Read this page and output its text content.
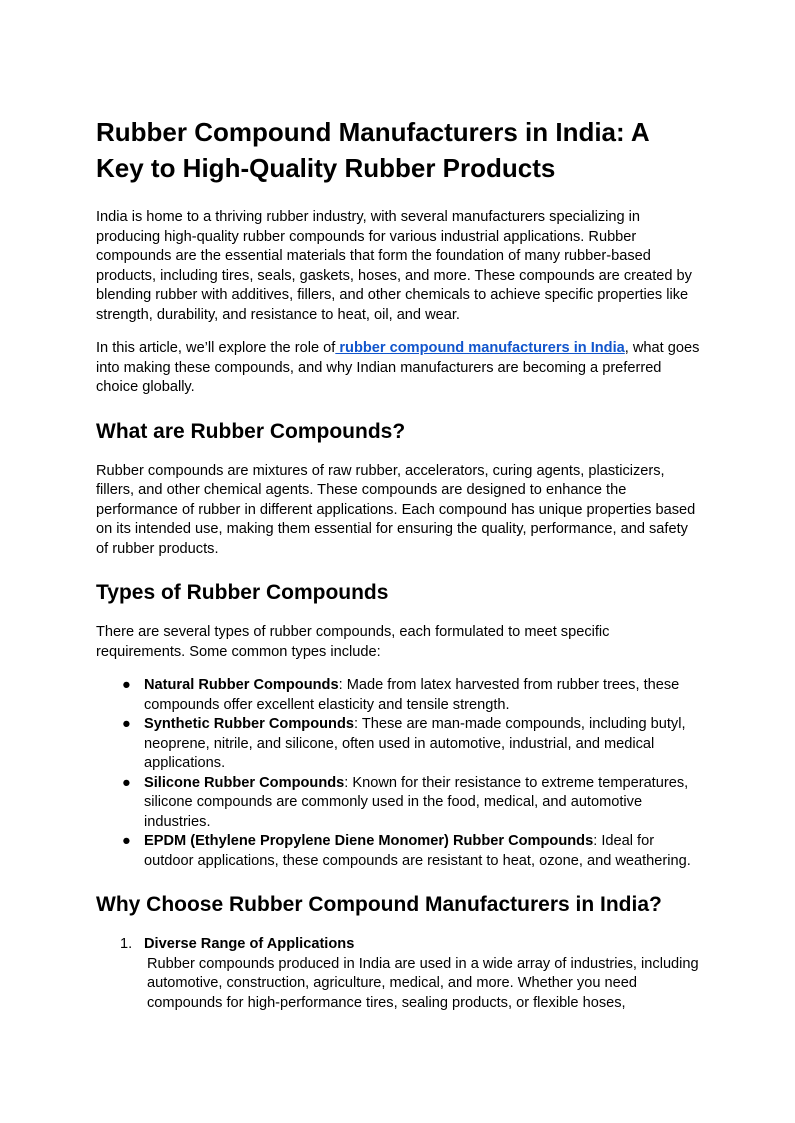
Rubber Compound Manufacturers in India: A Key to High-Quality Rubber Products

India is home to a thriving rubber industry, with several manufacturers specializing in producing high-quality rubber compounds for various industrial applications. Rubber compounds are the essential materials that form the foundation of many rubber-based products, including tires, seals, gaskets, hoses, and more. These compounds are created by blending rubber with additives, fillers, and other chemicals to achieve specific properties like strength, durability, and resistance to heat, oil, and wear.

In this article, we’ll explore the role of rubber compound manufacturers in India, what goes into making these compounds, and why Indian manufacturers are becoming a preferred choice globally.

What are Rubber Compounds?

Rubber compounds are mixtures of raw rubber, accelerators, curing agents, plasticizers, fillers, and other chemical agents. These compounds are designed to enhance the performance of rubber in different applications. Each compound has unique properties based on its intended use, making them essential for ensuring the quality, performance, and safety of rubber products.

Types of Rubber Compounds

There are several types of rubber compounds, each formulated to meet specific requirements. Some common types include:

● Natural Rubber Compounds: Made from latex harvested from rubber trees, these compounds offer excellent elasticity and tensile strength.
● Synthetic Rubber Compounds: These are man-made compounds, including butyl, neoprene, nitrile, and silicone, often used in automotive, industrial, and medical applications.
● Silicone Rubber Compounds: Known for their resistance to extreme temperatures, silicone compounds are commonly used in the food, medical, and automotive industries.
● EPDM (Ethylene Propylene Diene Monomer) Rubber Compounds: Ideal for outdoor applications, these compounds are resistant to heat, ozone, and weathering.
Why Choose Rubber Compound Manufacturers in India?
1. Diverse Range of Applications
Rubber compounds produced in India are used in a wide array of industries, including automotive, construction, agriculture, medical, and more. Whether you need compounds for high-performance tires, sealing products, or flexible hoses,
